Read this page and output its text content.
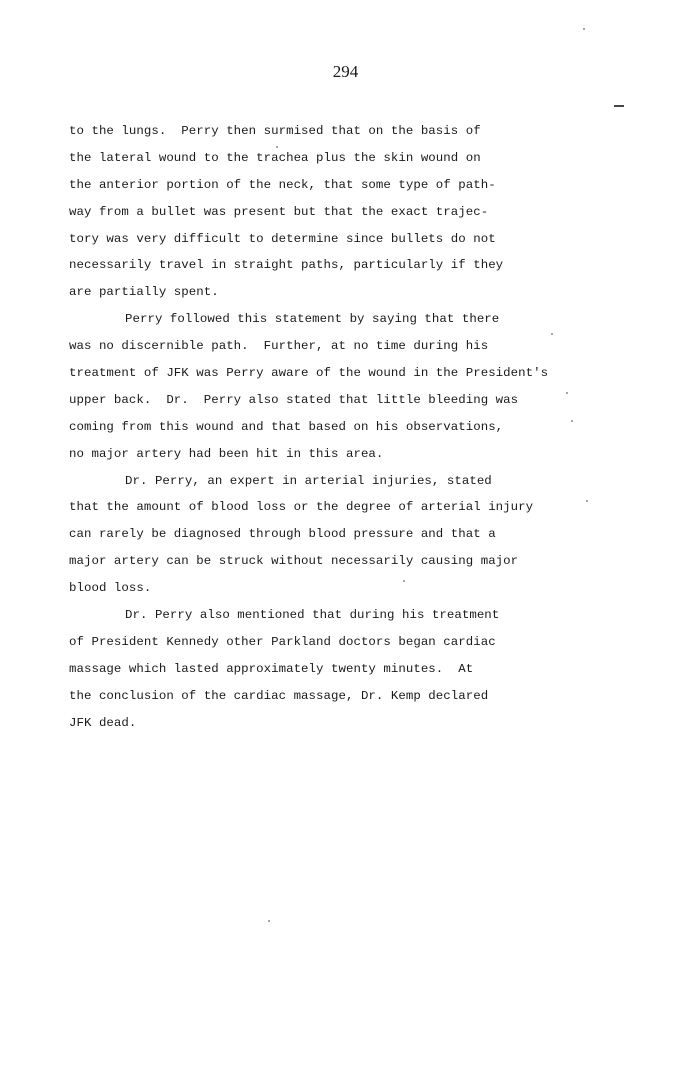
294
to the lungs.  Perry then surmised that on the basis of
the lateral wound to the trachea plus the skin wound on
the anterior portion of the neck, that some type of path-
way from a bullet was present but that the exact trajec-
tory was very difficult to determine since bullets do not
necessarily travel in straight paths, particularly if they
are partially spent.
Perry followed this statement by saying that there
was no discernible path.  Further, at no time during his
treatment of JFK was Perry aware of the wound in the President's
upper back.  Dr.  Perry also stated that little bleeding was
coming from this wound and that based on his observations,
no major artery had been hit in this area.
Dr. Perry, an expert in arterial injuries, stated
that the amount of blood loss or the degree of arterial injury
can rarely be diagnosed through blood pressure and that a
major artery can be struck without necessarily causing major
blood loss.
Dr. Perry also mentioned that during his treatment
of President Kennedy other Parkland doctors began cardiac
massage which lasted approximately twenty minutes.  At
the conclusion of the cardiac massage, Dr. Kemp declared
JFK dead.
